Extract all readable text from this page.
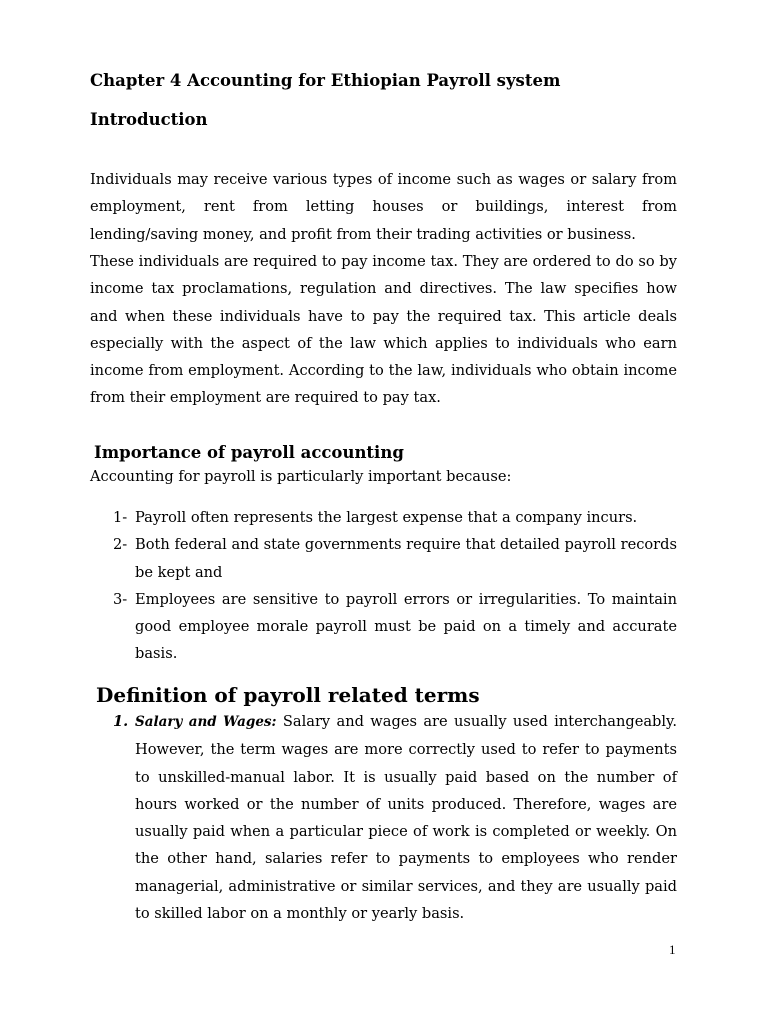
Chapter 4 Accounting for Ethiopian Payroll system
Introduction

Individuals may receive various types of income such as wages or salary from employment, rent from letting houses or buildings, interest from lending/saving money, and profit from their trading activities or business.

These individuals are required to pay income tax. They are ordered to do so by income tax proclamations, regulation and directives. The law specifies how and when these individuals have to pay the required tax. This article deals especially with the aspect of the law which applies to individuals who earn income from employment. According to the law, individuals who obtain income from their employment are required to pay tax.

Importance of payroll accounting

Accounting for payroll is particularly important because:

1- Payroll often represents the largest expense that a company incurs.
2- Both federal and state governments require that detailed payroll records be kept and
3- Employees are sensitive to payroll errors or irregularities. To maintain good employee morale payroll must be paid on a timely and accurate basis.
Definition of payroll related terms
1. Salary and Wages: Salary and wages are usually used interchangeably. However, the term wages are more correctly used to refer to payments to unskilled-manual labor. It is usually paid based on the number of hours worked or the number of units produced. Therefore, wages are usually paid when a particular piece of work is completed or weekly. On the other hand, salaries refer to payments to employees who render managerial, administrative or similar services, and they are usually paid to skilled labor on a monthly or yearly basis.
1
